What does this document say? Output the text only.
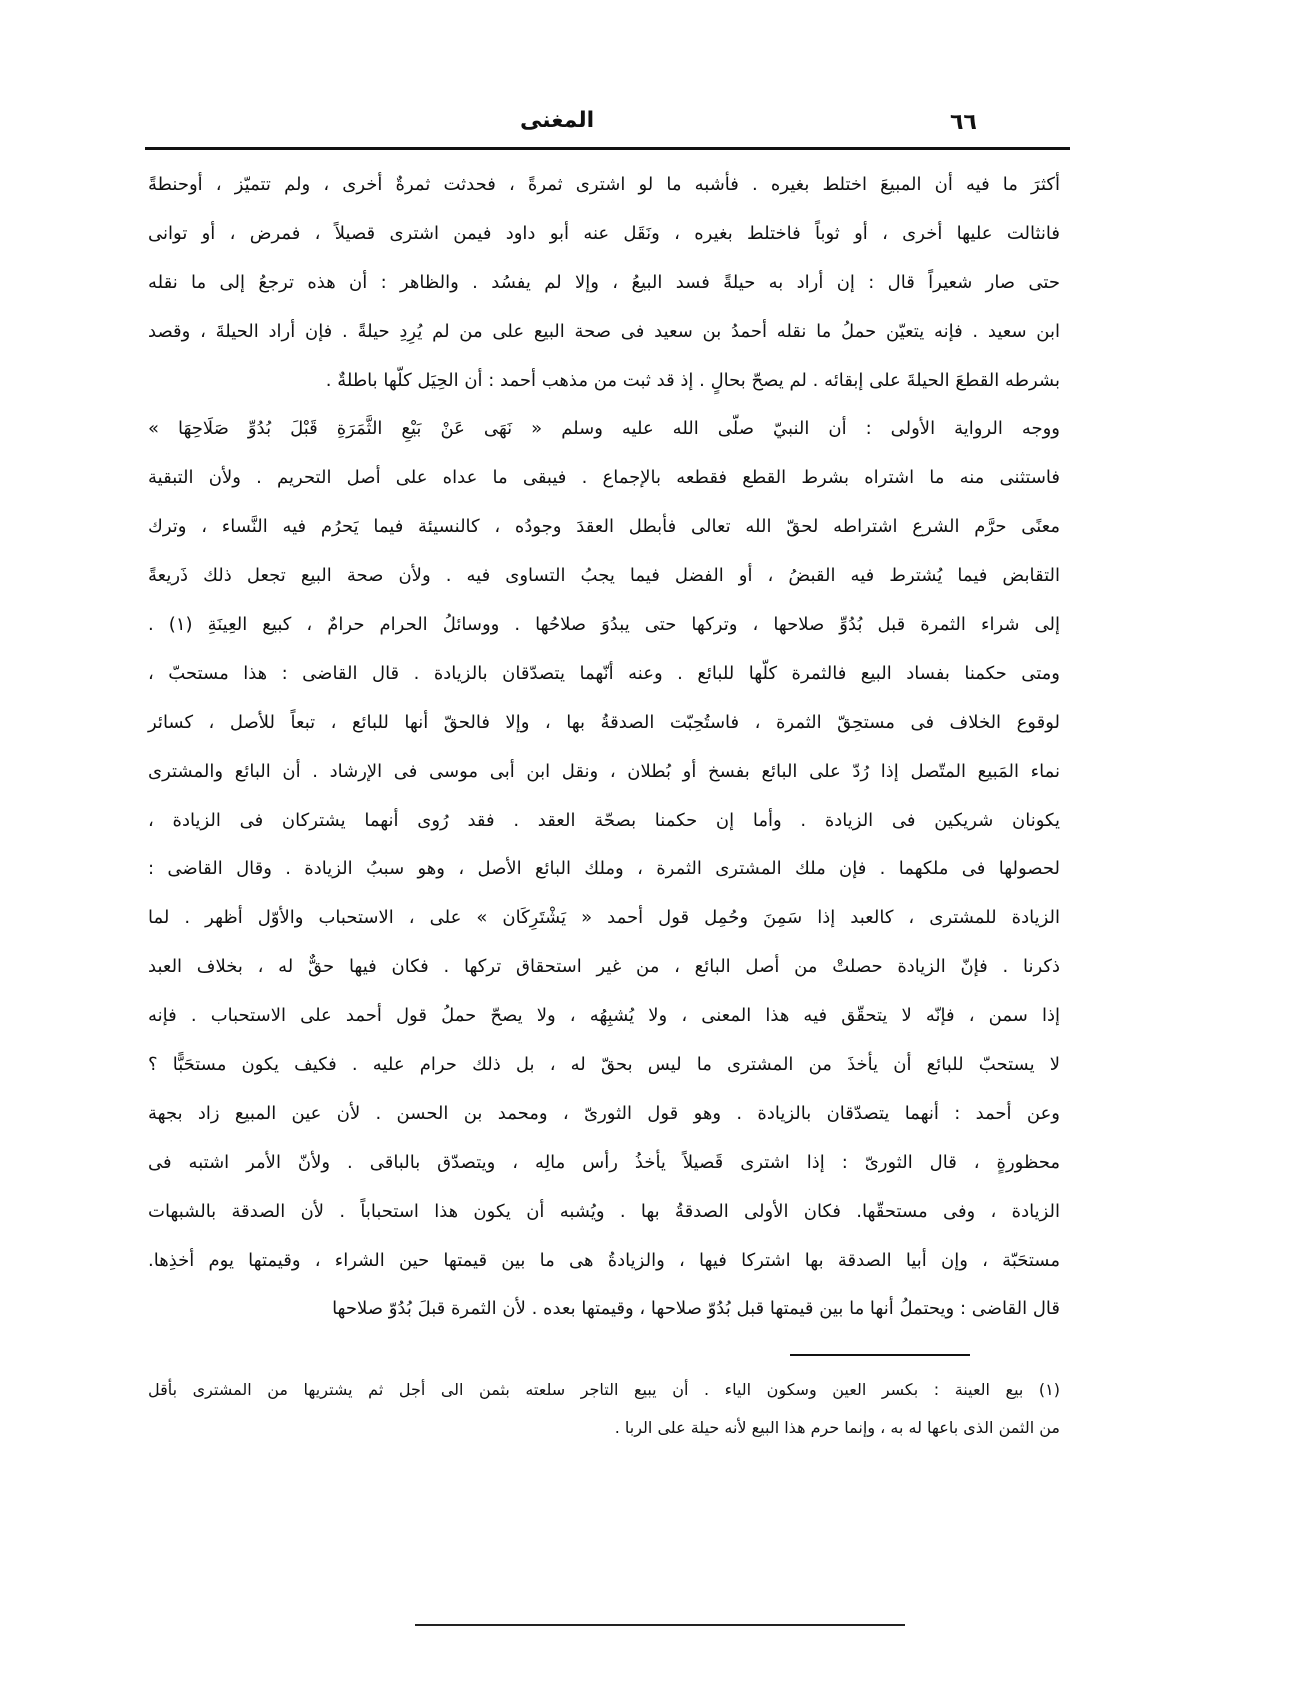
٦٦
المغنى
أكثرَ ما فيه أن المبيعَ اختلط بغيره . فأشبه ما لو اشترى ثمرةً ، فحدثت ثمرةٌ أخرى ، ولم تتميّز ، أوحنطةً
فانثالت عليها أخرى ، أو ثوباً فاختلط بغيره ، ونَقَل عنه أبو داود فيمن اشترى قصيلاً ، فمرض ، أو توانى
حتى صار شعيراً قال : إن أراد به حيلةً فسد البيعُ ، وإلا لم يفسُد . والظاهر : أن هذه ترجعُ إلى ما نقله
ابن سعيد . فإنه يتعيّن حملُ ما نقله أحمدُ بن سعيد فى صحة البيع على من لم يُرِدِ حيلةً . فإن أراد الحيلةَ ، وقصد
بشرطه القطعَ الحيلةَ على إبقائه . لم يصحّ بحالٍ . إذ قد ثبت من مذهب أحمد : أن الحِيَل كلّها باطلةٌ .
ووجه الرواية الأولى : أن النبيّ صلّى الله عليه وسلم « نَهَى عَنْ بَيْعِ الثَّمَرَةِ قَبْلَ بُدُوِّ صَلَاحِهَا »
فاستثنى منه ما اشتراه بشرط القطع فقطعه بالإجماع . فيبقى ما عداه على أصل التحريم . ولأن التبقية
معنًى حرَّم الشرع اشتراطه لحقّ الله تعالى فأبطل العقدَ وجودُه ، كالنسيئة فيما يَحرُم فيه النَّساء ، وترك
التقابض فيما يُشترط فيه القبضُ ، أو الفضل فيما يجبُ التساوى فيه . ولأن صحة البيع تجعل ذلك ذَريعةً
إلى شراء الثمرة قبل بُدُوِّ صلاحها ، وتركها حتى يبدُوَ صلاحُها . ووسائلُ الحرام حرامٌ ، كبيع العِينَةِ (١) .
ومتى حكمنا بفساد البيع فالثمرة كلّها للبائع . وعنه أنّهما يتصدّقان بالزيادة . قال القاضى : هذا مستحبّ ،
لوقوع الخلاف فى مستحِقّ الثمرة ، فاستُحِبّت الصدقةُ بها ، وإلا فالحقّ أنها للبائع ، تبعاً للأصل ، كسائر
نماء المَبيع المتّصل إذا رُدّ على البائع بفسخ أو بُطلان ، ونقل ابن أبى موسى فى الإرشاد . أن البائع والمشترى
يكونان شريكين فى الزيادة . وأما إن حكمنا بصحّة العقد . فقد رُوى أنهما يشتركان فى الزيادة ،
لحصولها فى ملكهما . فإن ملك المشترى الثمرة ، وملك البائع الأصل ، وهو سببُ الزيادة . وقال القاضى :
الزيادة للمشترى ، كالعبد إذا سَمِنَ وحُمِل قول أحمد « يَشْتَرِكَان » على ، الاستحباب والأوّل أظهر . لما
ذكرنا . فإنّ الزيادة حصلتْ من أصل البائع ، من غير استحقاق تركها . فكان فيها حقٌّ له ، بخلاف العبد
إذا سمن ، فإنّه لا يتحقّق فيه هذا المعنى ، ولا يُشبِهُه ، ولا يصحّ حملُ قول أحمد على الاستحباب . فإنه
لا يستحبّ للبائع أن يأخذَ من المشترى ما ليس بحقّ له ، بل ذلك حرام عليه . فكيف يكون مستحَبًّا ؟
وعن أحمد : أنهما يتصدّقان بالزيادة . وهو قول الثورىّ ، ومحمد بن الحسن . لأن عين المبيع زاد بجهة
محظورةٍ ، قال الثورىّ : إذا اشترى قَصيلاً يأخذُ رأس مالِه ، ويتصدّق بالباقى . ولأنّ الأمر اشتبه فى
الزيادة ، وفى مستحقّها. فكان الأولى الصدقةُ بها . ويُشبه أن يكون هذا استحباباً . لأن الصدقة بالشبهات
مستحَبّة ، وإن أبيا الصدقة بها اشتركا فيها ، والزيادةُ هى ما بين قيمتها حين الشراء ، وقيمتها يوم أخذِها.
قال القاضى : ويحتملُ أنها ما بين قيمتها قبل بُدُوّ صلاحها ، وقيمتها بعده . لأن الثمرة قبلَ بُدُوّ صلاحها
(١) بيع العينة : بكسر العين وسكون الياء . أن يبيع التاجر سلعته بثمن الى أجل ثم يشتريها من المشترى بأقل
من الثمن الذى باعها له به ، وإنما حرم هذا البيع لأنه حيلة على الربا .
